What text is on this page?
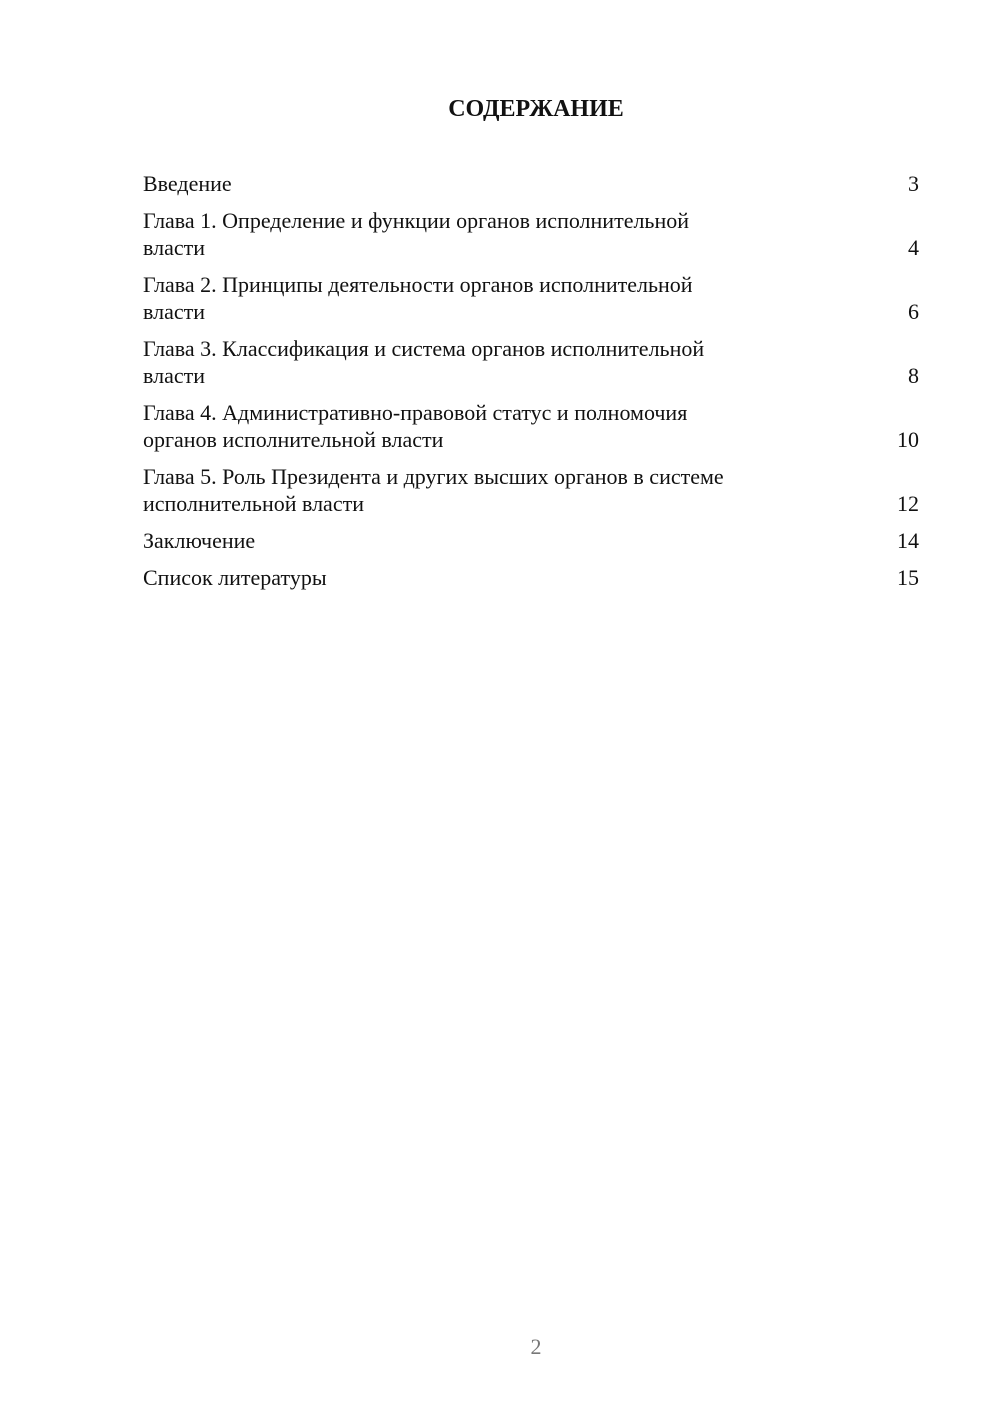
СОДЕРЖАНИЕ
Введение	3
Глава 1. Определение и функции органов исполнительной
власти	4
Глава 2. Принципы деятельности органов исполнительной
власти	6
Глава 3. Классификация и система органов исполнительной
власти	8
Глава 4. Административно-правовой статус и полномочия
органов исполнительной власти	10
Глава 5. Роль Президента и других высших органов в системе
исполнительной власти	12
Заключение	14
Список литературы	15
2
